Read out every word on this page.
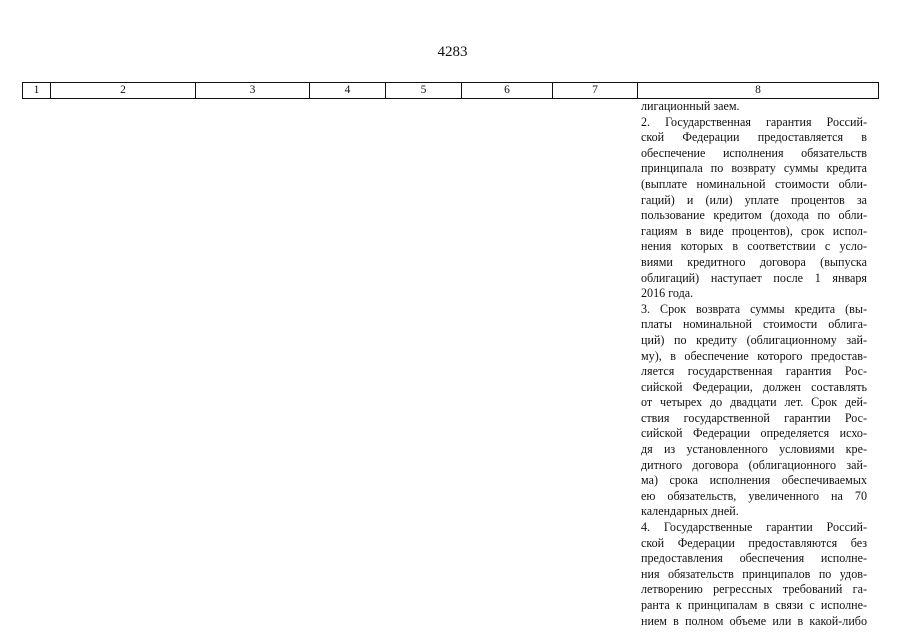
4283
1	2	3	4	5	6	7	8
лигационный заем.
2. Государственная гарантия Россий-
ской Федерации предоставляется в
обеспечение исполнения обязательств
принципала по возврату суммы кредита
(выплате номинальной стоимости обли-
гаций) и (или) уплате процентов за
пользование кредитом (дохода по обли-
гациям в виде процентов), срок испол-
нения которых в соответствии с усло-
виями кредитного договора (выпуска
облигаций) наступает после 1 января
2016 года.
3. Срок возврата суммы кредита (вы-
платы номинальной стоимости облига-
ций) по кредиту (облигационному зай-
му), в обеспечение которого предостав-
ляется государственная гарантия Рос-
сийской Федерации, должен составлять
от четырех до двадцати лет. Срок дей-
ствия государственной гарантии Рос-
сийской Федерации определяется исхо-
дя из установленного условиями кре-
дитного договора (облигационного зай-
ма) срока исполнения обеспечиваемых
ею обязательств, увеличенного на 70
календарных дней.
4. Государственные гарантии Россий-
ской Федерации предоставляются без
предоставления обеспечения исполне-
ния обязательств принципалов по удов-
летворению регрессных требований га-
ранта к принципалам в связи с исполне-
нием в полном объеме или в какой-либо
